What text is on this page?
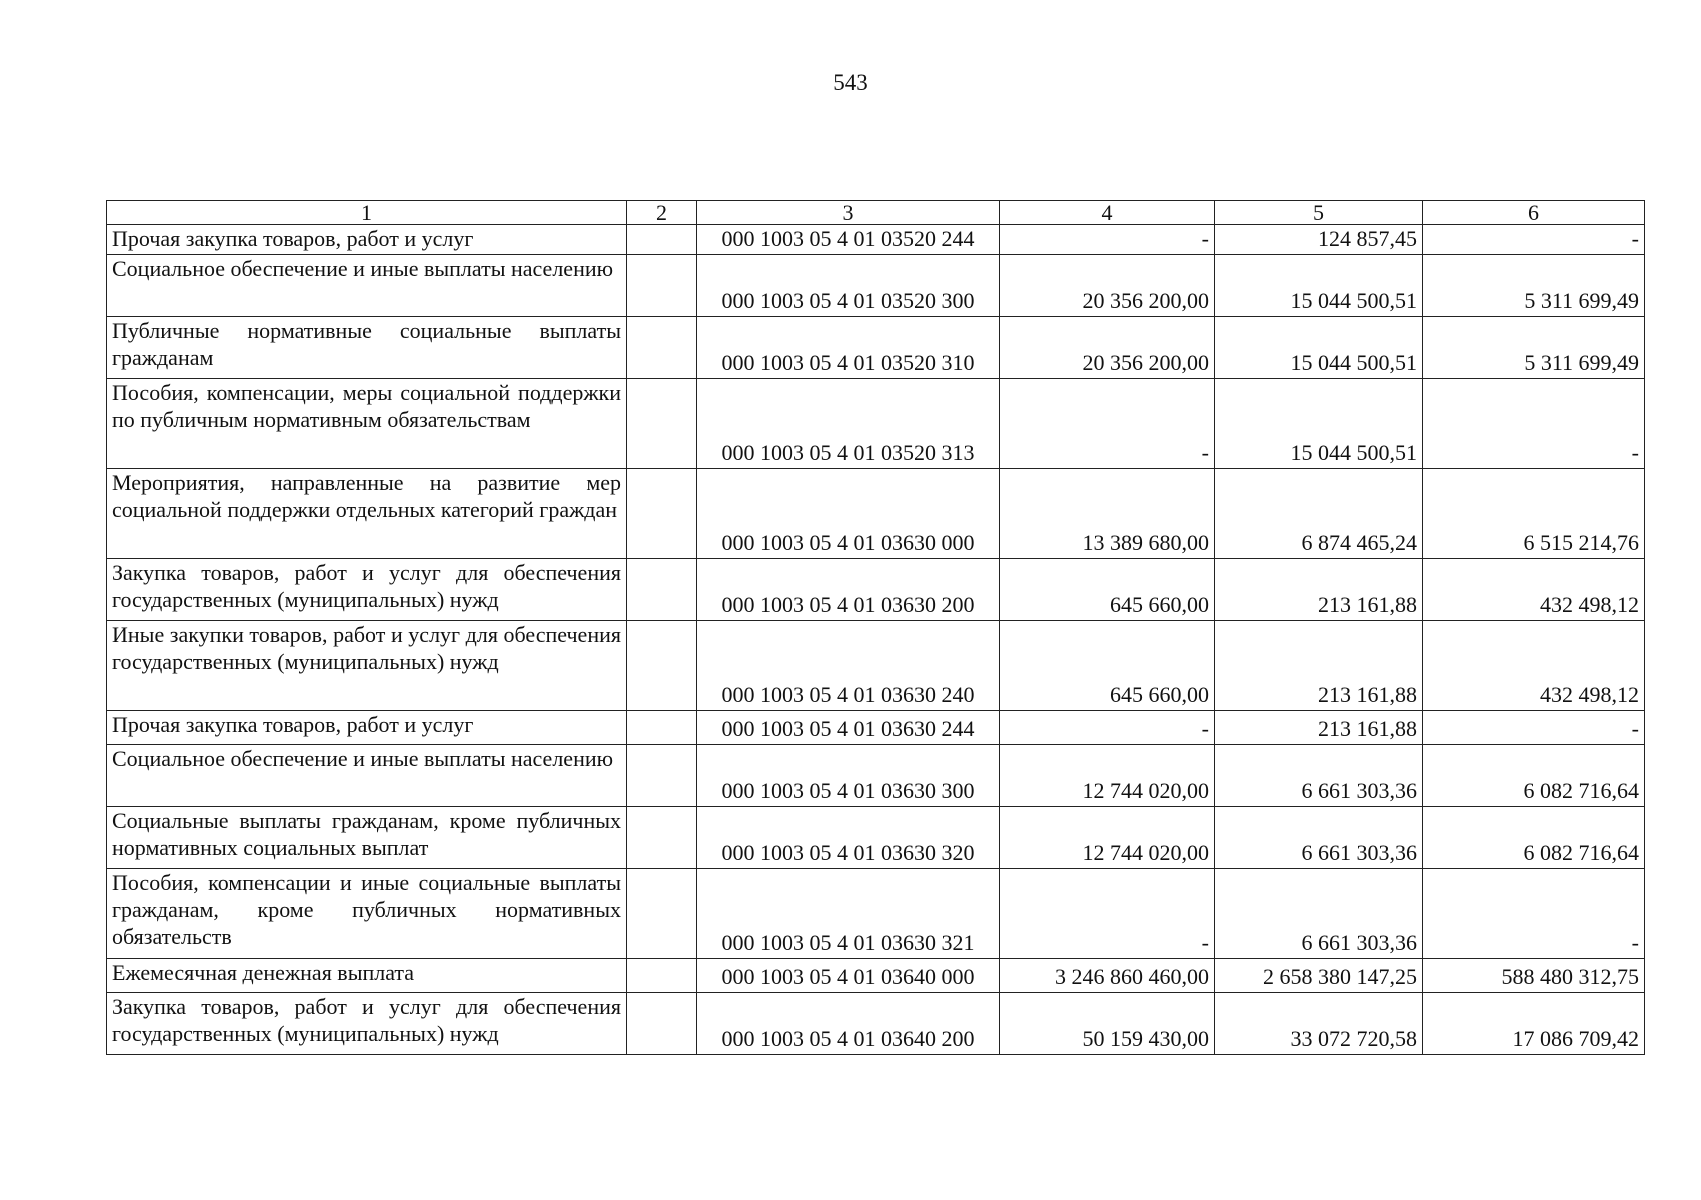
543
1	2	3	4	5	6
Прочая закупка товаров, работ и услуг		000 1003 05 4 01 03520 244	-	124 857,45	-
Социальное обеспечение и иные выплаты населению		000 1003 05 4 01 03520 300	20 356 200,00	15 044 500,51	5 311 699,49
Публичные нормативные социальные выплаты гражданам		000 1003 05 4 01 03520 310	20 356 200,00	15 044 500,51	5 311 699,49
Пособия, компенсации, меры социальной поддержки по публичным нормативным обязательствам		000 1003 05 4 01 03520 313	-	15 044 500,51	-
Мероприятия, направленные на развитие мер социальной поддержки отдельных категорий граждан		000 1003 05 4 01 03630 000	13 389 680,00	6 874 465,24	6 515 214,76
Закупка товаров, работ и услуг для обеспечения государственных (муниципальных) нужд		000 1003 05 4 01 03630 200	645 660,00	213 161,88	432 498,12
Иные закупки товаров, работ и услуг для обеспечения государственных (муниципальных) нужд		000 1003 05 4 01 03630 240	645 660,00	213 161,88	432 498,12
Прочая закупка товаров, работ и услуг		000 1003 05 4 01 03630 244	-	213 161,88	-
Социальное обеспечение и иные выплаты населению		000 1003 05 4 01 03630 300	12 744 020,00	6 661 303,36	6 082 716,64
Социальные выплаты гражданам, кроме публичных нормативных социальных выплат		000 1003 05 4 01 03630 320	12 744 020,00	6 661 303,36	6 082 716,64
Пособия, компенсации и иные социальные выплаты гражданам, кроме публичных нормативных обязательств		000 1003 05 4 01 03630 321	-	6 661 303,36	-
Ежемесячная денежная выплата		000 1003 05 4 01 03640 000	3 246 860 460,00	2 658 380 147,25	588 480 312,75
Закупка товаров, работ и услуг для обеспечения государственных (муниципальных) нужд		000 1003 05 4 01 03640 200	50 159 430,00	33 072 720,58	17 086 709,42
